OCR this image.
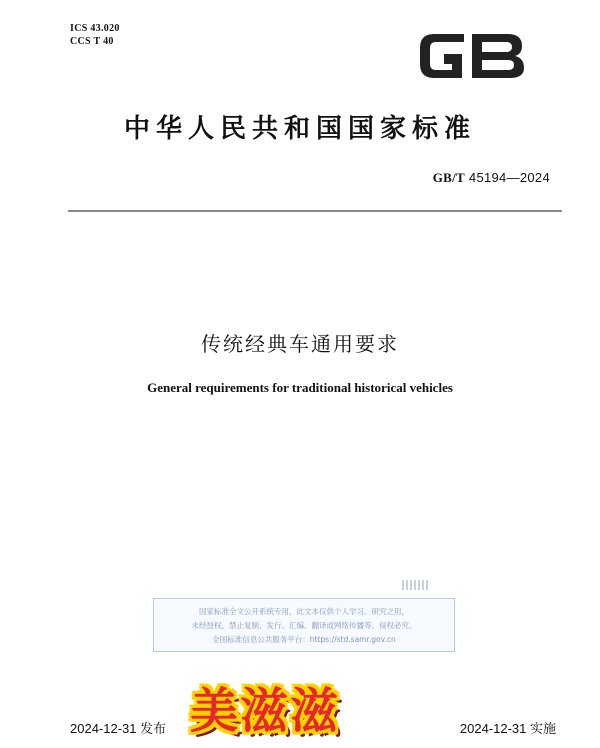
ICS 43.020
CCS T 40
GB
中华人民共和国国家标准
GB/T 45194—2024
传统经典车通用要求
General requirements for traditional historical vehicles
国家标准全文公开系统专用，此文本仅供个人学习、研究之用，
未经授权，禁止复制、发行、汇编、翻译或网络传播等。侵权必究。
全国标准信息公共服务平台：https://std.samr.gov.cn
2024-12-31 发布	2024-12-31 实施
美滋滋
